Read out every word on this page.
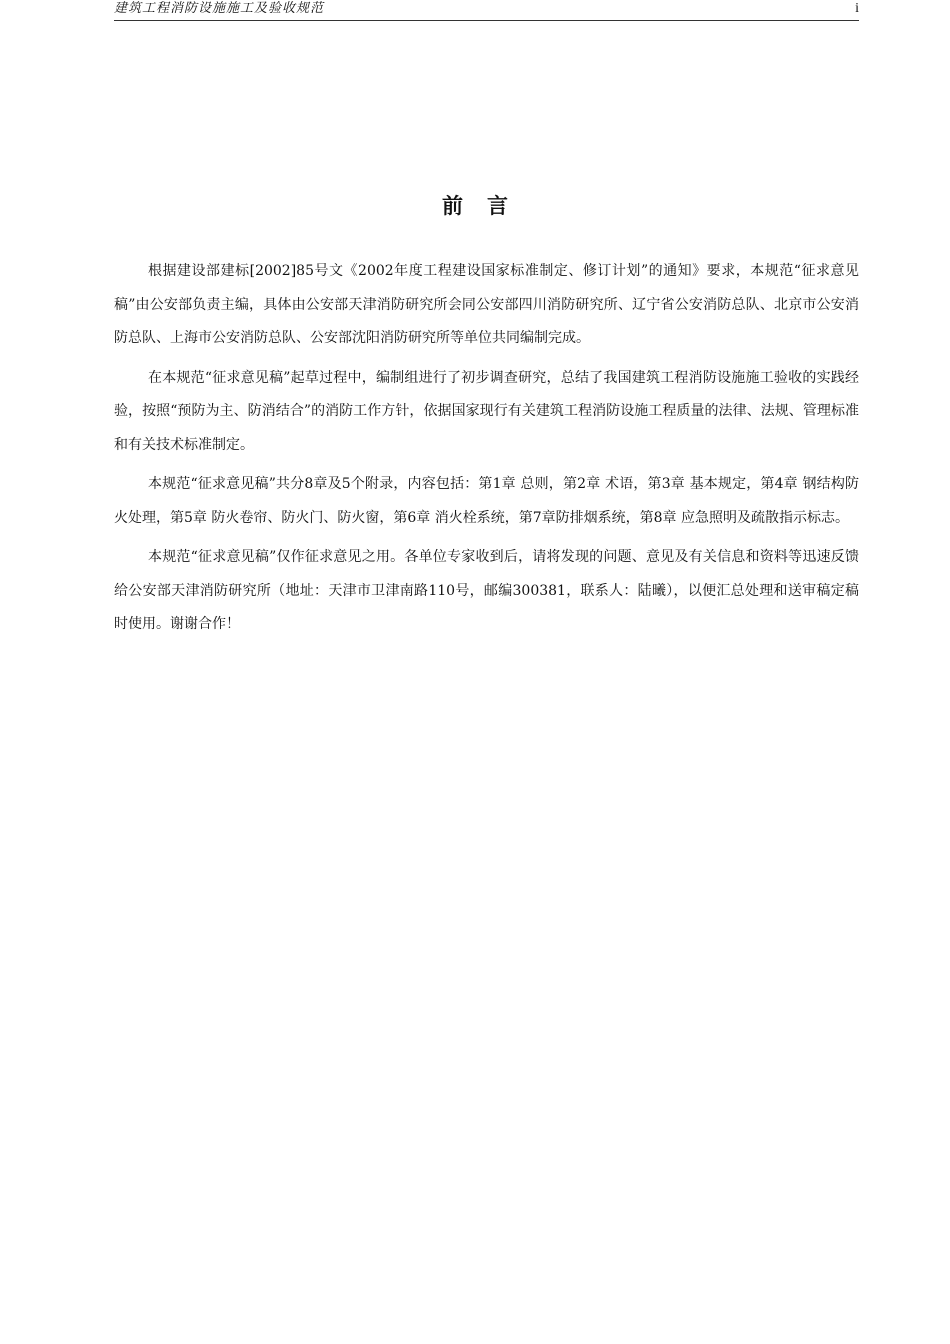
建筑工程消防设施施工及验收规范	i
前言

根据建设部建标[2002]85号文《2002年度工程建设国家标准制定、修订计划”的通知》要求，本规范“征求意见稿”由公安部负责主编，具体由公安部天津消防研究所会同公安部四川消防研究所、辽宁省公安消防总队、北京市公安消防总队、上海市公安消防总队、公安部沈阳消防研究所等单位共同编制完成。

在本规范“征求意见稿”起草过程中，编制组进行了初步调查研究，总结了我国建筑工程消防设施施工验收的实践经验，按照“预防为主、防消结合”的消防工作方针，依据国家现行有关建筑工程消防设施工程质量的法律、法规、管理标准和有关技术标准制定。

本规范“征求意见稿”共分8章及5个附录，内容包括：第1章 总则，第2章 术语，第3章 基本规定，第4章 钢结构防火处理，第5章 防火卷帘、防火门、防火窗，第6章 消火栓系统，第7章防排烟系统，第8章 应急照明及疏散指示标志。

本规范“征求意见稿”仅作征求意见之用。各单位专家收到后，请将发现的问题、意见及有关信息和资料等迅速反馈给公安部天津消防研究所（地址：天津市卫津南路110号，邮编300381，联系人：陆曦），以便汇总处理和送审稿定稿时使用。谢谢合作！
